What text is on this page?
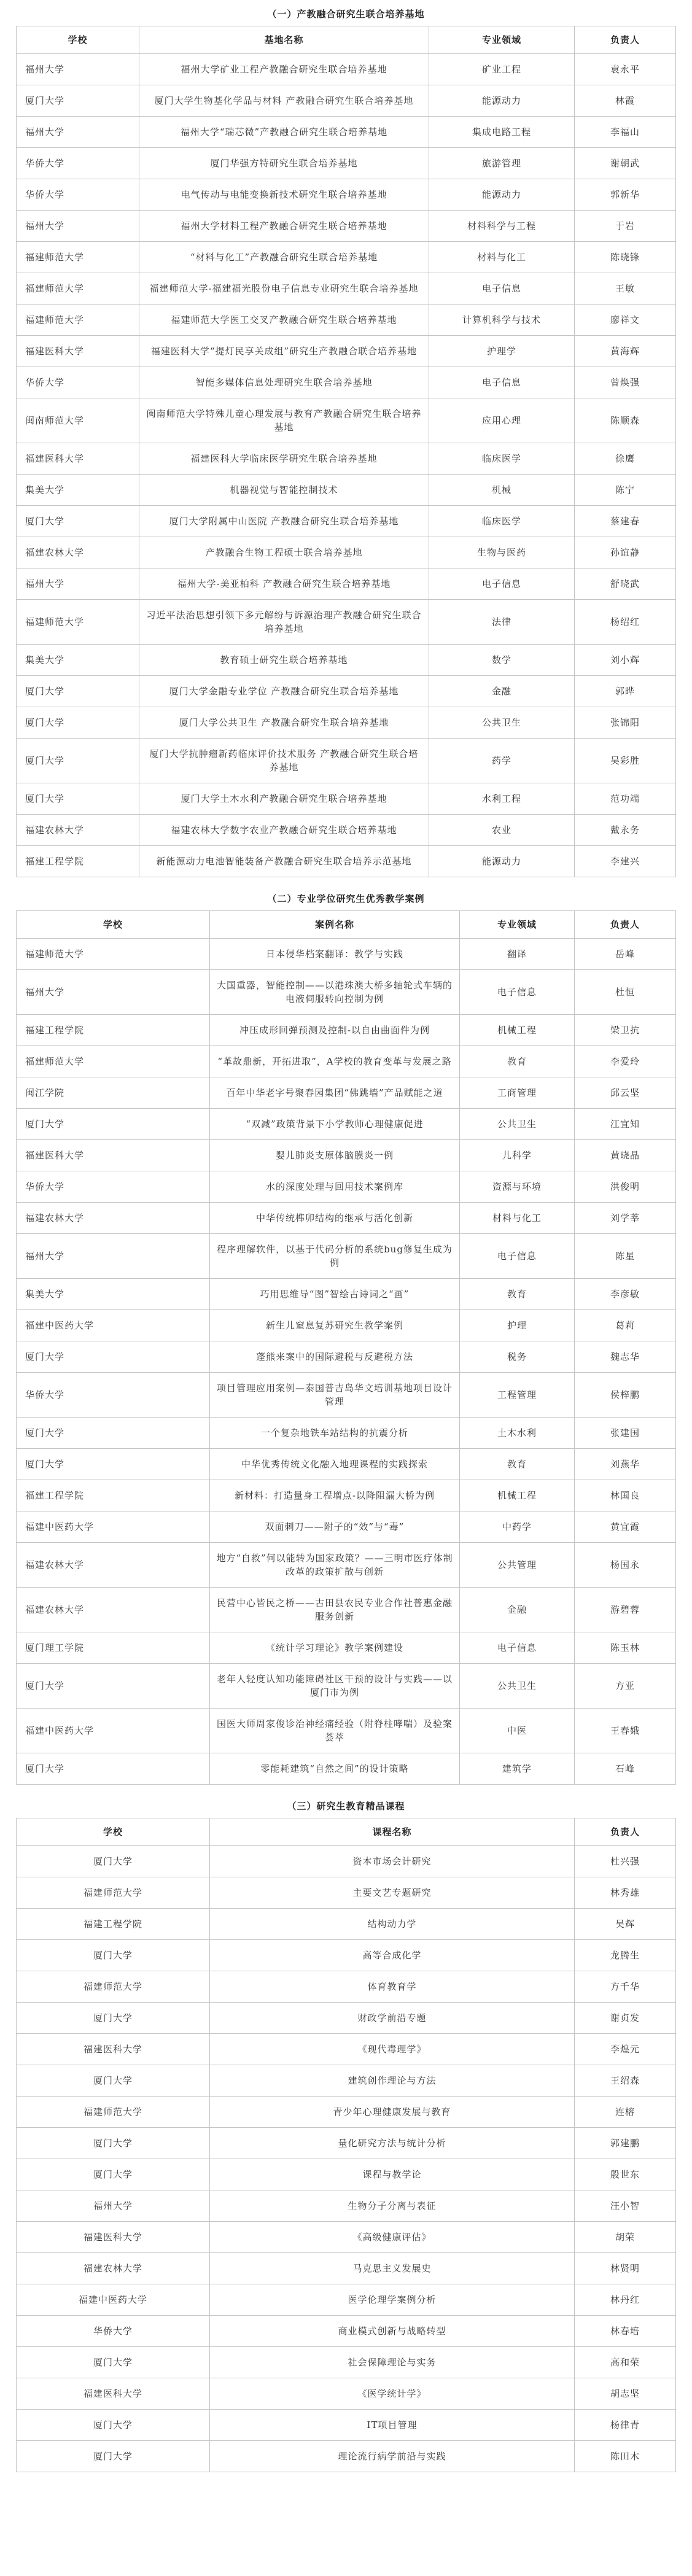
（一）产教融合研究生联合培养基地
学校	基地名称	专业领域	负责人
福州大学	福州大学矿业工程产教融合研究生联合培养基地	矿业工程	袁永平
厦门大学	厦门大学生物基化学品与材料 产教融合研究生联合培养基地	能源动力	林霞
福州大学	福州大学“瑞芯微”产教融合研究生联合培养基地	集成电路工程	李福山
华侨大学	厦门华强方特研究生联合培养基地	旅游管理	谢朝武
华侨大学	电气传动与电能变换新技术研究生联合培养基地	能源动力	郭新华
福州大学	福州大学材料工程产教融合研究生联合培养基地	材料科学与工程	于岩
福建师范大学	“材料与化工”产教融合研究生联合培养基地	材料与化工	陈晓锋
福建师范大学	福建师范大学-福建福光股份电子信息专业研究生联合培养基地	电子信息	王敏
福建师范大学	福建师范大学医工交叉产教融合研究生联合培养基地	计算机科学与技术	廖祥文
福建医科大学	福建医科大学“提灯民享关成组”研究生产教融合联合培养基地	护理学	黄海辉
华侨大学	智能多媒体信息处理研究生联合培养基地	电子信息	曾焕强
闽南师范大学	闽南师范大学特殊儿童心理发展与教育产教融合研究生联合培养基地	应用心理	陈顺森
福建医科大学	福建医科大学临床医学研究生联合培养基地	临床医学	徐鹰
集美大学	机器视觉与智能控制技术	机械	陈宁
厦门大学	厦门大学附属中山医院 产教融合研究生联合培养基地	临床医学	蔡建春
福建农林大学	产教融合生物工程硕士联合培养基地	生物与医药	孙谊静
福州大学	福州大学-美亚柏科 产教融合研究生联合培养基地	电子信息	舒晓武
福建师范大学	习近平法治思想引领下多元解纷与诉源治理产教融合研究生联合培养基地	法律	杨绍红
集美大学	教育硕士研究生联合培养基地	数学	刘小辉
厦门大学	厦门大学金融专业学位 产教融合研究生联合培养基地	金融	郭晔
厦门大学	厦门大学公共卫生 产教融合研究生联合培养基地	公共卫生	张锦阳
厦门大学	厦门大学抗肿瘤新药临床评价技术服务 产教融合研究生联合培养基地	药学	吴彩胜
厦门大学	厦门大学土木水利产教融合研究生联合培养基地	水利工程	范功端
福建农林大学	福建农林大学数字农业产教融合研究生联合培养基地	农业	戴永务
福建工程学院	新能源动力电池智能装备产教融合研究生联合培养示范基地	能源动力	李建兴
（二）专业学位研究生优秀教学案例
学校	案例名称	专业领域	负责人
福建师范大学	日本侵华档案翻译：教学与实践	翻译	岳峰
福州大学	大国重器，智能控制——以港珠澳大桥多轴轮式车辆的电液伺服转向控制为例	电子信息	杜恒
福建工程学院	冲压成形回弹预测及控制-以自由曲面件为例	机械工程	梁卫抗
福建师范大学	“革故鼎新，开拓进取”，A学校的教育变革与发展之路	教育	李爱玲
闽江学院	百年中华老字号聚春园集团“佛跳墙”产品赋能之道	工商管理	邱云坚
厦门大学	“双减”政策背景下小学教师心理健康促进	公共卫生	江宜知
福建医科大学	婴儿肺炎支原体脑膜炎一例	儿科学	黄晓晶
华侨大学	水的深度处理与回用技术案例库	资源与环境	洪俊明
福建农林大学	中华传统榫卯结构的继承与活化创新	材料与化工	刘学莘
福州大学	程序理解软件，以基于代码分析的系统bug修复生成为例	电子信息	陈星
集美大学	巧用思维导“图”智绘古诗词之“画”	教育	李彦敏
福建中医药大学	新生儿窒息复苏研究生教学案例	护理	葛莉
厦门大学	蓬熊来案中的国际避税与反避税方法	税务	魏志华
华侨大学	项目管理应用案例—泰国普吉岛华文培训基地项目设计管理	工程管理	侯梓鹏
厦门大学	一个复杂地铁车站结构的抗震分析	土木水利	张建国
厦门大学	中华优秀传统文化融入地理课程的实践探索	教育	刘燕华
福建工程学院	新材料：打造量身工程增点-以降阻漏大桥为例	机械工程	林国良
福建中医药大学	双面刺刀——附子的“效”与“毒”	中药学	黄宜霞
福建农林大学	地方“自救”何以能转为国家政策？——三明市医疗体制改革的政策扩散与创新	公共管理	杨国永
福建农林大学	民营中心皆民之桥——古田县农民专业合作社普惠金融服务创新	金融	游碧蓉
厦门理工学院	《统计学习理论》教学案例建设	电子信息	陈玉林
厦门大学	老年人轻度认知功能障碍社区干预的设计与实践——以厦门市为例	公共卫生	方亚
福建中医药大学	国医大师周家俊诊治神经痛经验（附脊柱哮喘）及验案荟萃	中医	王春娥
厦门大学	零能耗建筑“自然之间”的设计策略	建筑学	石峰
（三）研究生教育精品课程
学校	课程名称	负责人
厦门大学	资本市场会计研究	杜兴强
福建师范大学	主要文艺专题研究	林秀雄
福建工程学院	结构动力学	吴辉
厦门大学	高等合成化学	龙腾生
福建师范大学	体育教育学	方千华
厦门大学	财政学前沿专题	谢贞发
福建医科大学	《现代毒理学》	李煌元
厦门大学	建筑创作理论与方法	王绍森
福建师范大学	青少年心理健康发展与教育	连榕
厦门大学	量化研究方法与统计分析	郭建鹏
厦门大学	课程与教学论	殷世东
福州大学	生物分子分离与表征	汪小智
福建医科大学	《高级健康评估》	胡荣
福建农林大学	马克思主义发展史	林贤明
福建中医药大学	医学伦理学案例分析	林丹红
华侨大学	商业模式创新与战略转型	林春培
厦门大学	社会保障理论与实务	高和荣
福建医科大学	《医学统计学》	胡志坚
厦门大学	IT项目管理	杨律青
厦门大学	理论流行病学前沿与实践	陈田木
